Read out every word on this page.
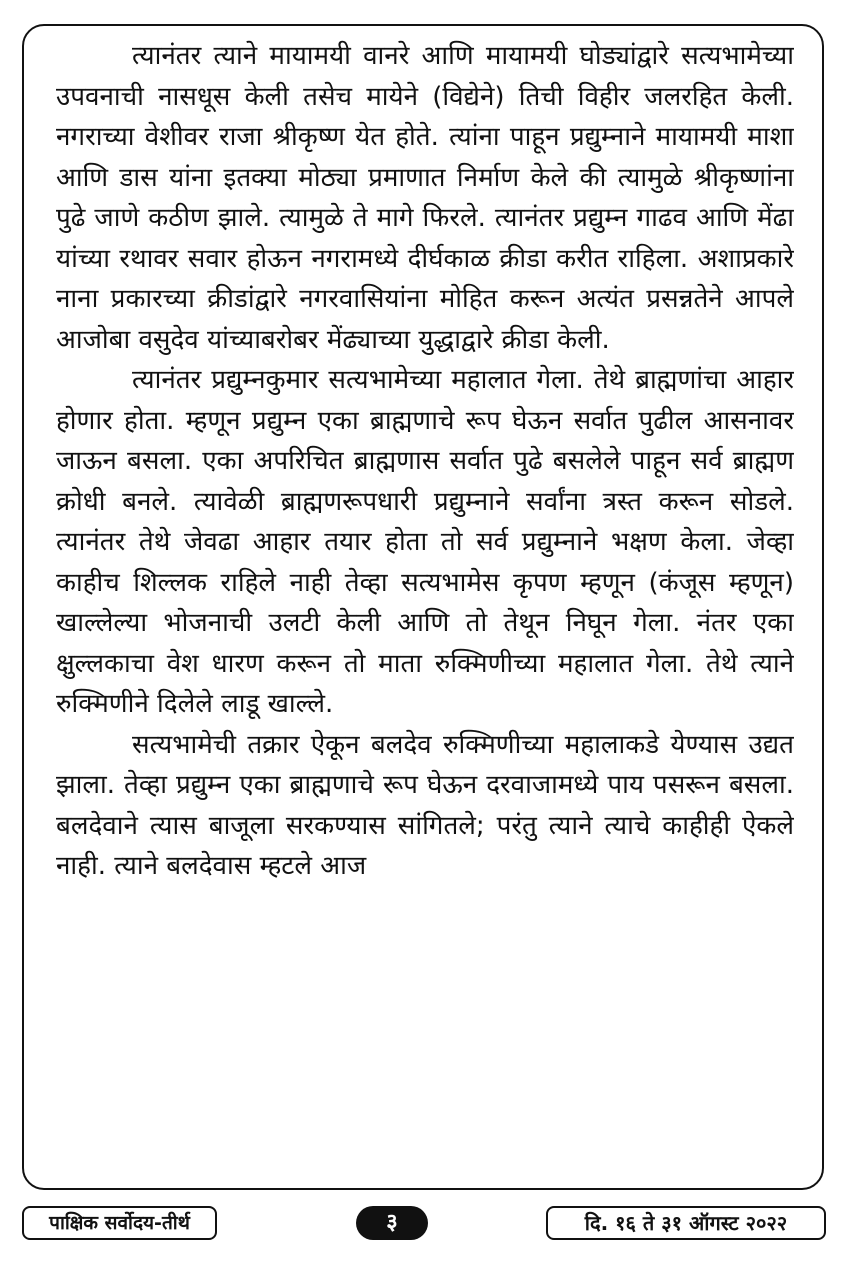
त्यानंतर त्याने मायामयी वानरे आणि मायामयी घोड्यांद्वारे सत्यभामेच्या उपवनाची नासधूस केली तसेच मायेने (विद्येने) तिची विहीर जलरहित केली. नगराच्या वेशीवर राजा श्रीकृष्ण येत होते. त्यांना पाहून प्रद्युम्नाने मायामयी माशा आणि डास यांना इतक्या मोठ्या प्रमाणात निर्माण केले की त्यामुळे श्रीकृष्णांना पुढे जाणे कठीण झाले. त्यामुळे ते मागे फिरले. त्यानंतर प्रद्युम्न गाढव आणि मेंढा यांच्या रथावर सवार होऊन नगरामध्ये दीर्घकाळ क्रीडा करीत राहिला. अशाप्रकारे नाना प्रकारच्या क्रीडांद्वारे नगरवासियांना मोहित करून अत्यंत प्रसन्नतेने आपले आजोबा वसुदेव यांच्याबरोबर मेंढ्याच्या युद्धाद्वारे क्रीडा केली.

त्यानंतर प्रद्युम्नकुमार सत्यभामेच्या महालात गेला. तेथे ब्राह्मणांचा आहार होणार होता. म्हणून प्रद्युम्न एका ब्राह्मणाचे रूप घेऊन सर्वात पुढील आसनावर जाऊन बसला. एका अपरिचित ब्राह्मणास सर्वात पुढे बसलेले पाहून सर्व ब्राह्मण क्रोधी बनले. त्यावेळी ब्राह्मणरूपधारी प्रद्युम्नाने सर्वांना त्रस्त करून सोडले. त्यानंतर तेथे जेवढा आहार तयार होता तो सर्व प्रद्युम्नाने भक्षण केला. जेव्हा काहीच शिल्लक राहिले नाही तेव्हा सत्यभामेस कृपण म्हणून (कंजूस म्हणून) खाल्लेल्या भोजनाची उलटी केली आणि तो तेथून निघून गेला. नंतर एका क्षुल्लकाचा वेश धारण करून तो माता रुक्मिणीच्या महालात गेला. तेथे त्याने रुक्मिणीने दिलेले लाडू खाल्ले.

सत्यभामेची तक्रार ऐकून बलदेव रुक्मिणीच्या महालाकडे येण्यास उद्यत झाला. तेव्हा प्रद्युम्न एका ब्राह्मणाचे रूप घेऊन दरवाजामध्ये पाय पसरून बसला. बलदेवाने त्यास बाजूला सरकण्यास सांगितले; परंतु त्याने त्याचे काहीही ऐकले नाही. त्याने बलदेवास म्हटले आज

पाक्षिक सर्वोदय-तीर्थ	३	दि. १६ ते ३१ ऑगस्ट २०२२
